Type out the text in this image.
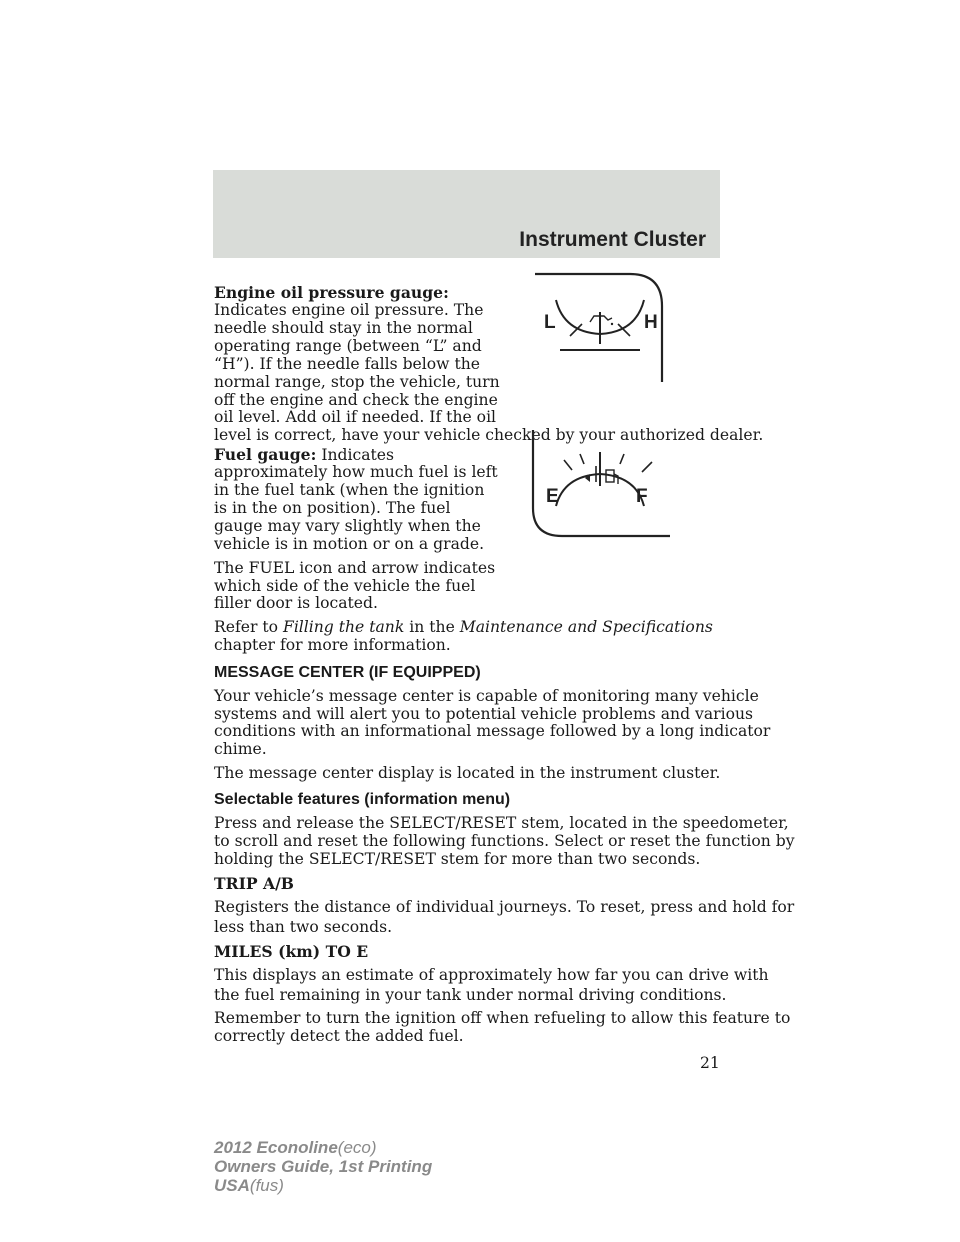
Instrument Cluster
Engine oil pressure gauge:
Indicates engine oil pressure. The
needle should stay in the normal
operating range (between “L” and
“H”). If the needle falls below the
normal range, stop the vehicle, turn
off the engine and check the engine
oil level. Add oil if needed. If the oil
level is correct, have your vehicle checked by your authorized dealer.
L	H
Fuel gauge: Indicates
approximately how much fuel is left
in the fuel tank (when the ignition
is in the on position). The fuel
gauge may vary slightly when the
vehicle is in motion or on a grade.
The FUEL icon and arrow indicates
which side of the vehicle the fuel
filler door is located.
Refer to Filling the tank in the Maintenance and Specifications
chapter for more information.
E	F
MESSAGE CENTER (IF EQUIPPED)
Your vehicle’s message center is capable of monitoring many vehicle
systems and will alert you to potential vehicle problems and various
conditions with an informational message followed by a long indicator
chime.
The message center display is located in the instrument cluster.
Selectable features (information menu)
Press and release the SELECT/RESET stem, located in the speedometer,
to scroll and reset the following functions. Select or reset the function by
holding the SELECT/RESET stem for more than two seconds.
TRIP A/B
Registers the distance of individual journeys. To reset, press and hold for
less than two seconds.
MILES (km) TO E
This displays an estimate of approximately how far you can drive with
the fuel remaining in your tank under normal driving conditions.
Remember to turn the ignition off when refueling to allow this feature to
correctly detect the added fuel.
21
2012 Econoline(eco)
Owners Guide, 1st Printing
USA(fus)
